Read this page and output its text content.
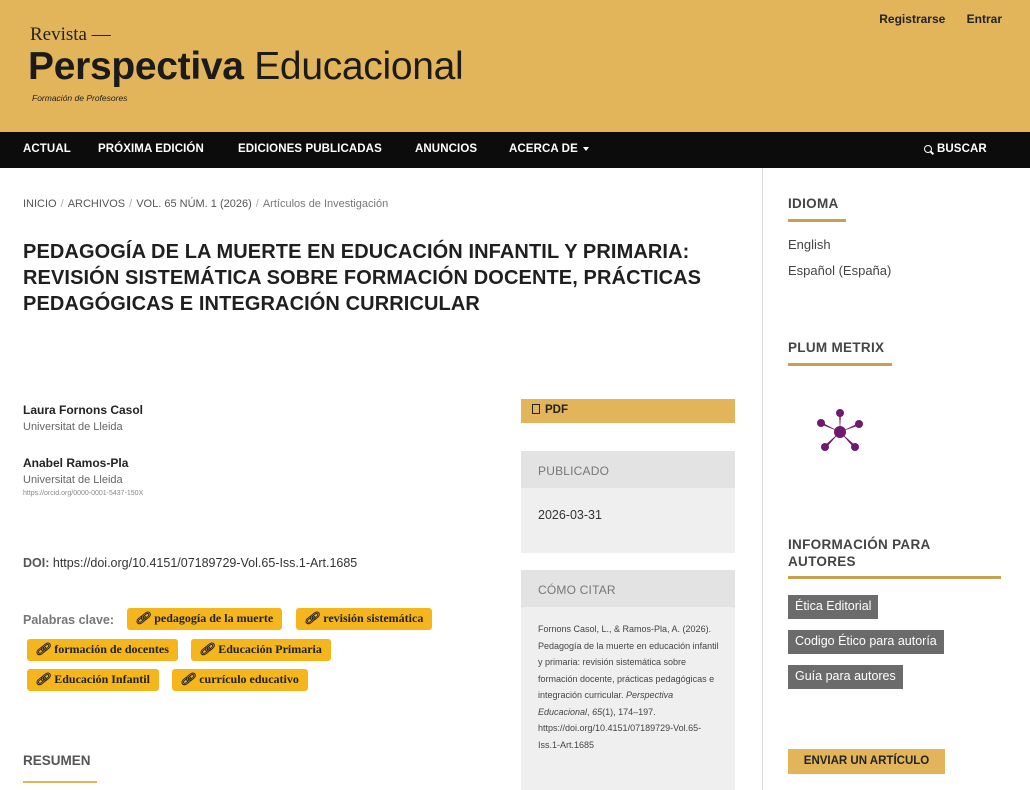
Revista —
Perspectiva Educacional
Formación de Profesores
Registrarse Entrar
ACTUAL PRÓXIMA EDICIÓN	EDICIONES PUBLICADAS	ANUNCIOS	ACERCA DE	BUSCAR
INICIO / ARCHIVOS / VOL. 65 NÚM. 1 (2026) / Artículos de Investigación
PEDAGOGÍA DE LA MUERTE EN EDUCACIÓN INFANTIL Y PRIMARIA: REVISIÓN SISTEMÁTICA SOBRE FORMACIÓN DOCENTE, PRÁCTICAS PEDAGÓGICAS E INTEGRACIÓN CURRICULAR
Laura Fornons Casol
Universitat de Lleida
Anabel Ramos-Pla
Universitat de Lleida
https://orcid.org/0000-0001-5437-150X
DOI: https://doi.org/10.4151/07189729-Vol.65-Iss.1-Art.1685
Palabras clave:	🔗︎ pedagogía de la muerte	🔗︎ revisión sistemática
🔗︎ formación de docentes	🔗︎ Educación Primaria
🔗︎ Educación Infantil	🔗︎ currículo educativo
RESUMEN
PDF
PUBLICADO
2026-03-31
CÓMO CITAR
Fornons Casol, L., & Ramos-Pla, A. (2026). Pedagogía de la muerte en educación infantil y primaria: revisión sistemática sobre formación docente, prácticas pedagógicas e integración curricular. Perspectiva Educacional, 65(1), 174–197. https://doi.org/10.4151/07189729-Vol.65-Iss.1-Art.1685
IDIOMA
English
Español (España)
PLUM METRIX
INFORMACIÓN PARA
AUTORES
Ética Editorial
Codigo Ético para autoría
Guía para autores
ENVIAR UN ARTÍCULO
